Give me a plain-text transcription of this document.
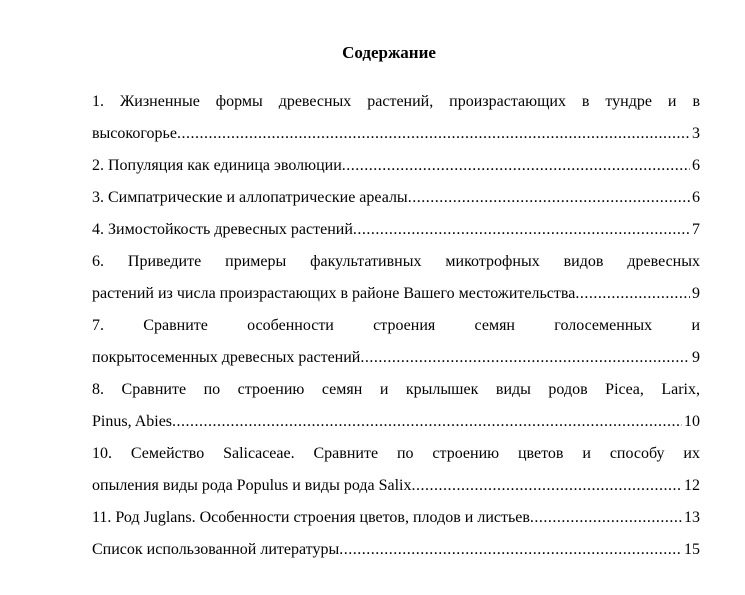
Содержание
1. Жизненные формы древесных растений, произрастающих в тундре и в
высокогорье .....	3
2. Популяция как единица эволюции .....	6
3. Симпатрические и аллопатрические ареалы .....	6
4. Зимостойкость древесных растений .....	7
6. Приведите примеры факультативных микотрофных видов древесных
растений из числа произрастающих в районе Вашего местожительства .....	9
7. Сравните особенности строения семян голосеменных и
покрытосеменных древесных растений .....	9
8. Сравните по строению семян и крылышек виды родов Picea, Larix,
Pinus, Abies .....	10
10. Семейство Salicaceae. Сравните по строению цветов и способу их
опыления виды рода Populus и виды рода Salix .....	12
11. Род Juglans. Особенности строения цветов, плодов и листьев .....	13
Список использованной литературы .....	15
